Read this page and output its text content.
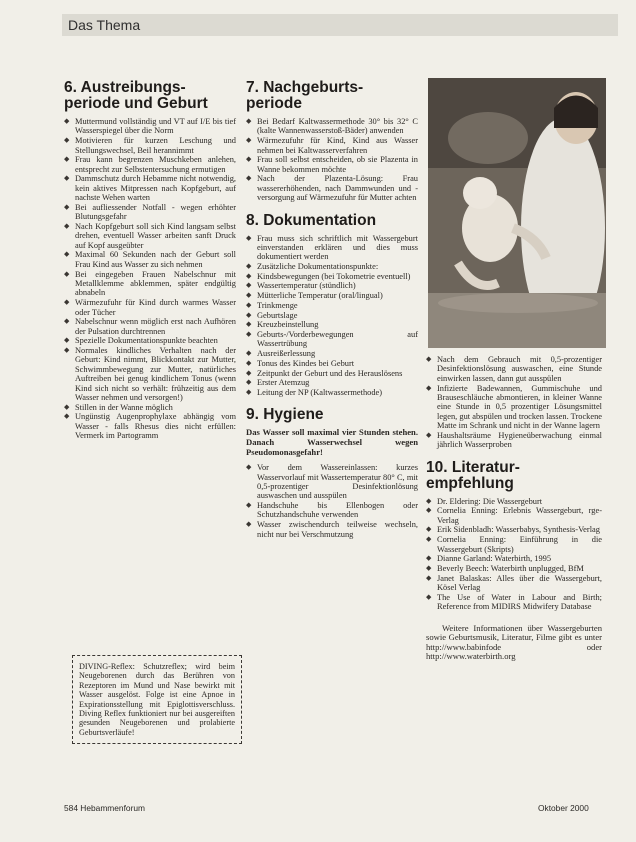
Das Thema
6. Austreibungs-periode und Geburt
◆ Muttermund vollständig und VT auf I/E bis tief Wasserspiegel über die Norm
◆ Motivieren für kurzen Leschung und Stellungswechsel, Beil herannimmt
◆ Frau kann begrenzen Muschkeben anlehen, entsprecht zur Selbstentersuchung ermutigen
◆ Dammschutz durch Hebamme nicht notwendig, kein aktives Mitpressen nach Kopfgeburt, auf nachste Wehen warten
◆ Bei aufliessender Notfall - wegen erhöhter Blutungsgefahr
◆ Nach Kopfgeburt soll sich Kind langsam selbst drehen, eventuell Wasser arbeiten sanft Druck auf Kopf ausgeübter
◆ Maximal 60 Sekunden nach der Geburt soll Frau Kind aus Wasser zu sich nehmen
◆ Bei eingegeben Frauen Nabelschnur mit Metallklemme abklemmen, später endgültig abnabeln
◆ Wärmezufuhr für Kind durch warmes Wasser oder Tücher
◆ Nabelschnur wenn möglich erst nach Aufhören der Pulsation durchtrennen
◆ Spezielle Dokumentationspunkte beachten
◆ Normales kindliches Verhalten nach der Geburt: Kind nimmt, Blickkontakt zur Mutter, Schwimmbewegung zur Mutter, natürliches Auftreiben bei genug kindlichem Tonus (wenn Kind sich nicht so verhält: frühzeitig aus dem Wasser nehmen und versorgen!)
◆ Stillen in der Wanne möglich
◆ Ungünstig Augenprophylaxe abhängig vom Wasser - falls Rhesus dies nicht erfüllen: Vermerk im Partogramm
DIVING-Reflex: Schutzreflex; wird beim Neugeborenen durch das Berühren von Rezeptoren im Mund und Nase bewirkt mit Wasser ausgelöst. Folge ist eine Apnoe in Expirationsstellung mit Epiglottisverschluss. Diving Reflex funktioniert nur bei ausgereiften gesunden Neugeborenen und prolabierte Geburtsverläufe!
7. Nachgeburts-periode
◆ Bei Bedarf Kaltwassermethode 30° bis 32° C (kalte Wannenwasserstoß-Bäder) anwenden
◆ Wärmezufuhr für Kind, Kind aus Wasser nehmen bei Kaltwasserverfahren
◆ Frau soll selbst entscheiden, ob sie Plazenta in Wanne bekommen möchte
◆ Nach der Plazenta-Lösung: Frau wassererhöhenden, nach Dammwunden und -versorgung auf Wärmezufuhr für Mutter achten
8. Dokumentation
◆ Frau muss sich schriftlich mit Wassergeburt einverstanden erklären und dies muss dokumentiert werden
◆ Zusätzliche Dokumentationspunkte:
◆ Kindsbewegungen (bei Tokometrie eventuell)
◆ Wassertemperatur (stündlich)
◆ Mütterliche Temperatur (oral/lingual)
◆ Trinkmenge
◆ Geburtslage
◆ Kreuzbeinstellung
◆ Geburts-/Vorderbewegungen auf Wassertrübung
◆ Ausreißerlessung
◆ Tonus des Kindes bei Geburt
◆ Zeitpunkt der Geburt und des Herauslösens
◆ Erster Atemzug
◆ Leitung der NP (Kaltwassermethode)
9. Hygiene

Das Wasser soll maximal vier Stunden stehen. Danach Wasserwechsel wegen Pseudomonasgefahr!

◆ Vor dem Wassereinlassen: kurzes Wasservorlauf mit Wassertemperatur 80° C, mit 0,5-prozentiger Desinfektionlösung auswaschen und ausspülen
◆ Handschuhe bis Ellenbogen oder Schutzhandschuhe verwenden
◆ Wasser zwischendurch teilweise wechseln, nicht nur bei Verschmutzung
◆ Nach dem Gebrauch mit 0,5-prozentiger Desinfektionslösung auswaschen, eine Stunde einwirken lassen, dann gut ausspülen
◆ Infizierte Badewannen, Gummischuhe und Brauseschläuche abmontieren, in kleiner Wanne eine Stunde in 0,5 prozentiger Lösungsmittel legen, gut abspülen und trocken lassen. Trockene Matte im Schrank und nicht in der Wanne lagern
◆ Haushaltsräume Hygieneüberwachung einmal jährlich Wasserproben
10. Literatur-empfehlung
◆ Dr. Eldering: Die Wassergeburt
◆ Cornelia Enning: Erlebnis Wassergeburt, rge-Verlag
◆ Erik Sidenbladh: Wasserbabys, Synthesis-Verlag
◆ Cornelia Enning: Einführung in die Wassergeburt (Skripts)
◆ Dianne Garland: Waterbirth, 1995
◆ Beverly Beech: Waterbirth unplugged, BfM
◆ Janet Balaskas: Alles über die Wassergeburt, Kösel Verlag
◆ The Use of Water in Labour and Birth; Reference from MIDIRS Midwifery Database

Weitere Informationen über Wassergeburten sowie Geburtsmusik, Literatur, Filme gibt es unter http://www.babinfode oder http://www.waterbirth.org

584 Hebammenforum	Oktober 2000
